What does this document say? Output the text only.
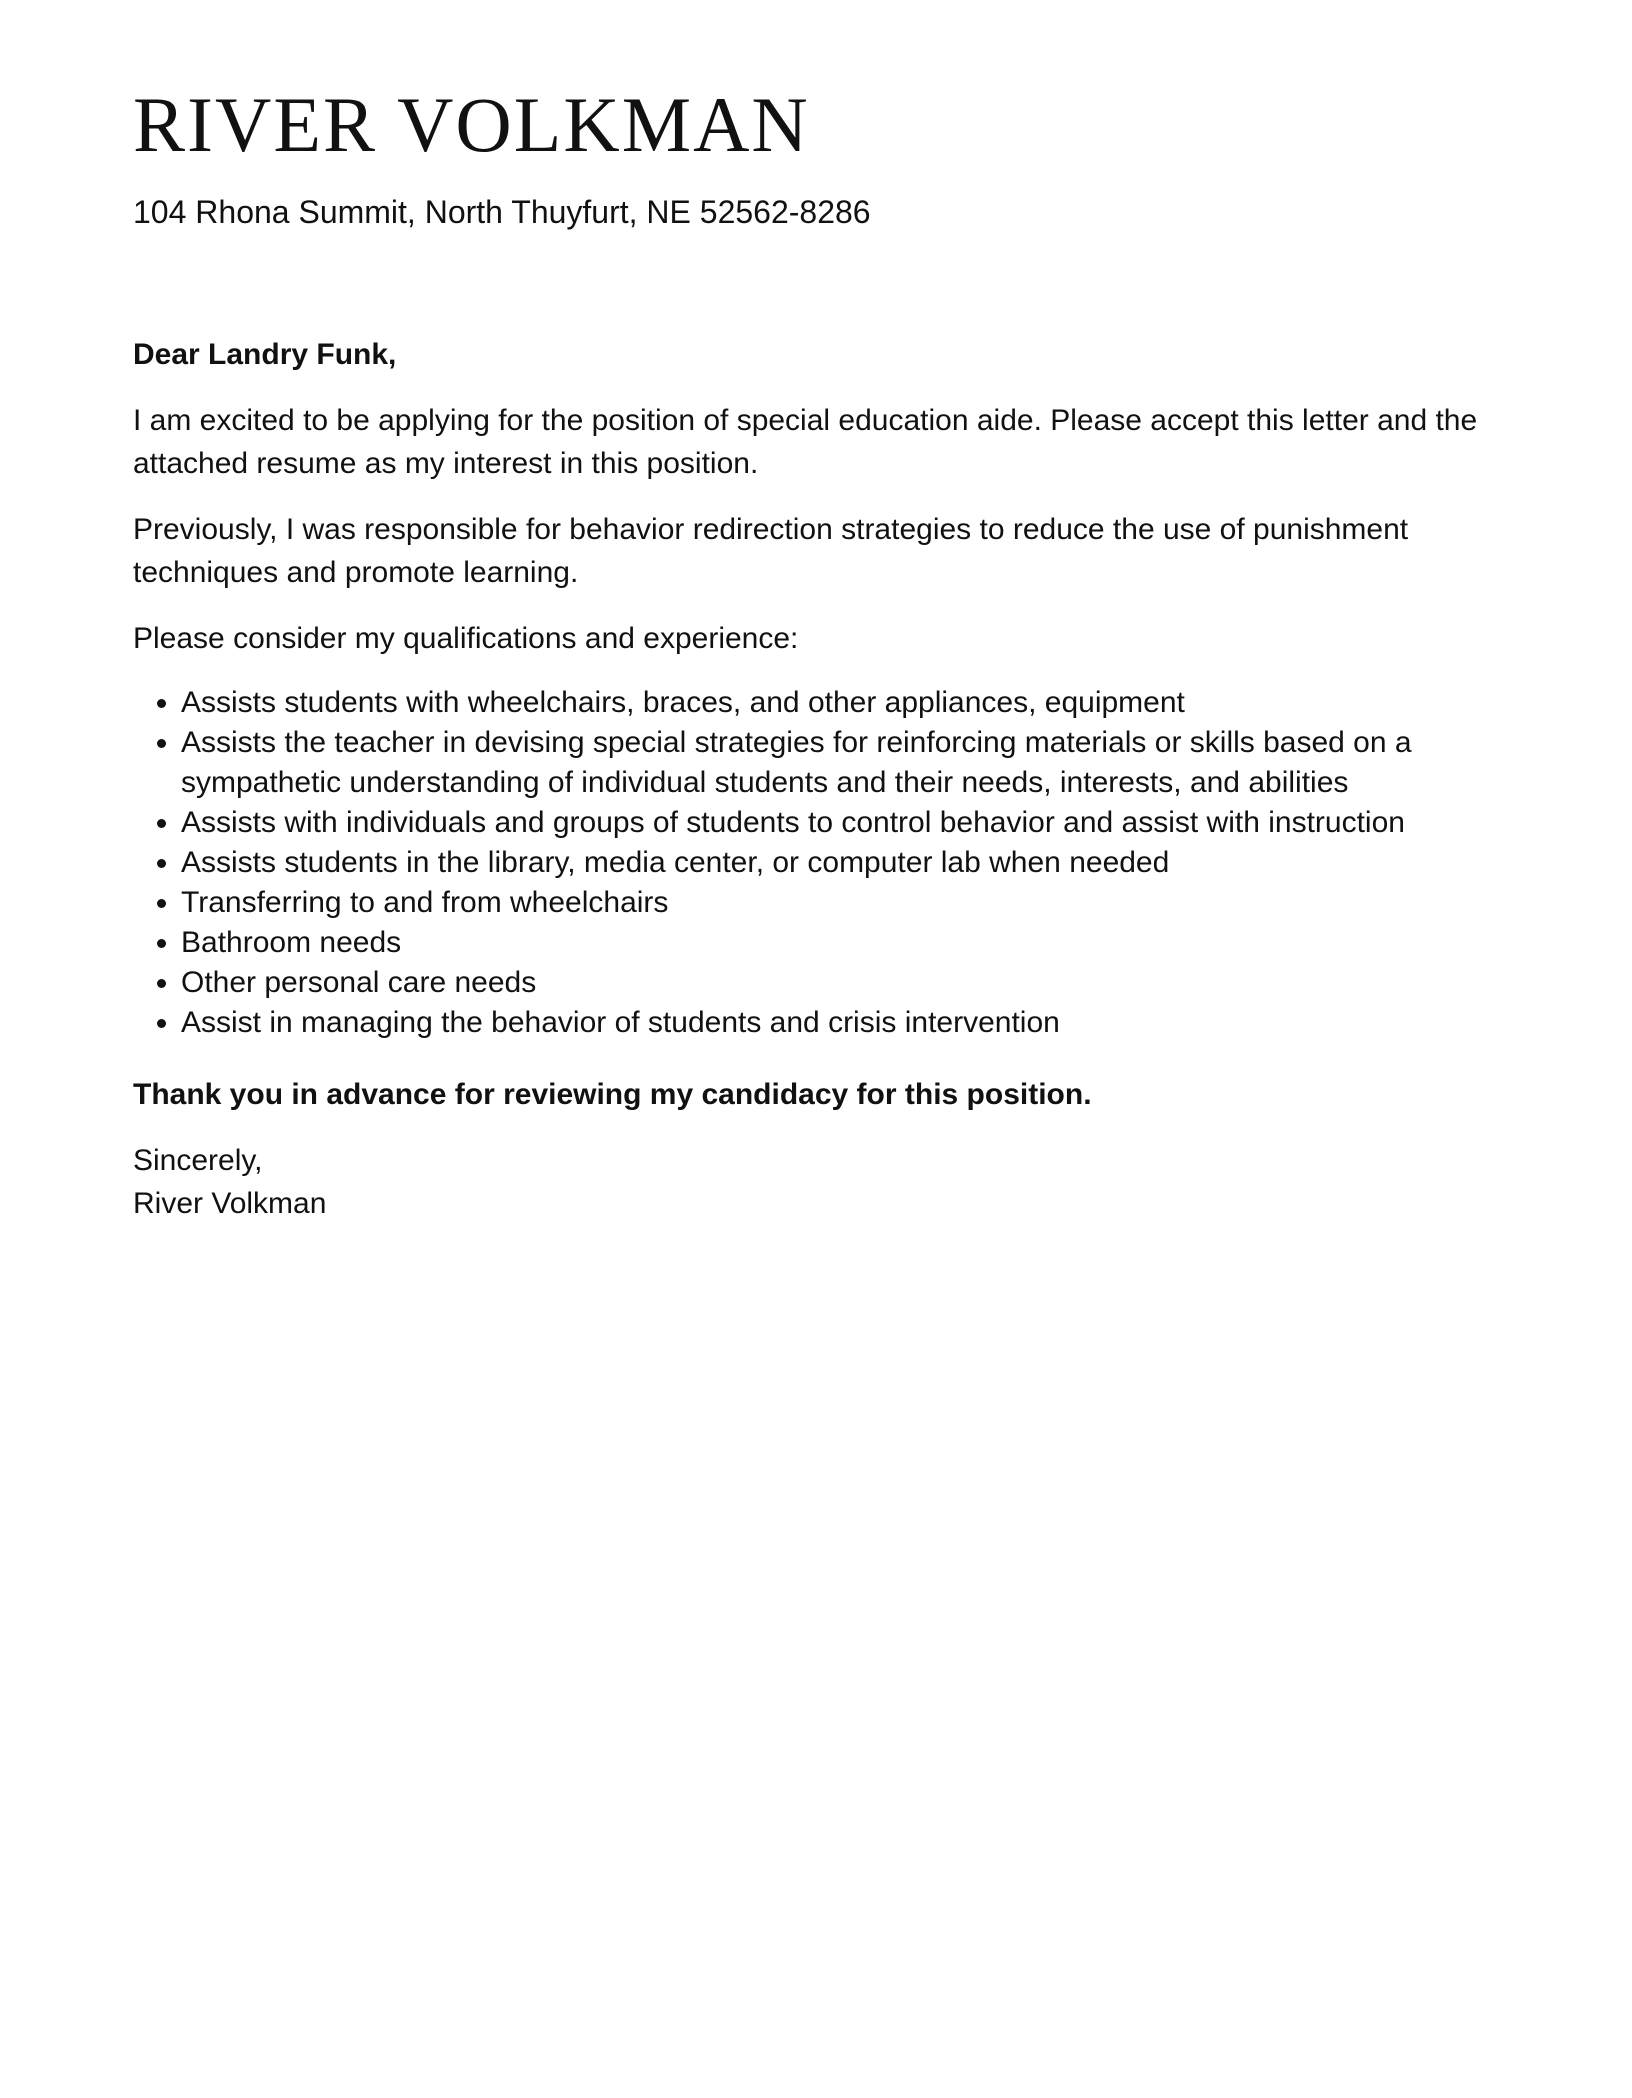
RIVER VOLKMAN
104 Rhona Summit, North Thuyfurt, NE 52562-8286

Dear Landry Funk,

I am excited to be applying for the position of special education aide. Please accept this letter and the attached resume as my interest in this position.

Previously, I was responsible for behavior redirection strategies to reduce the use of punishment techniques and promote learning.

Please consider my qualifications and experience:

• Assists students with wheelchairs, braces, and other appliances, equipment
• Assists the teacher in devising special strategies for reinforcing materials or skills based on a sympathetic understanding of individual students and their needs, interests, and abilities
• Assists with individuals and groups of students to control behavior and assist with instruction
• Assists students in the library, media center, or computer lab when needed
• Transferring to and from wheelchairs
• Bathroom needs
• Other personal care needs
• Assist in managing the behavior of students and crisis intervention

Thank you in advance for reviewing my candidacy for this position.

Sincerely,

River Volkman
